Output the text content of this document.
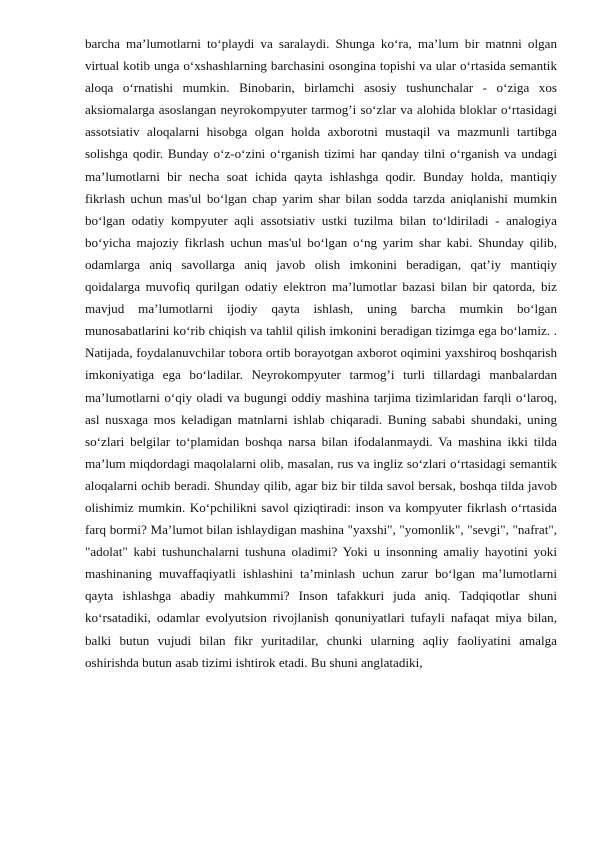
barcha ma’lumotlarni to‘playdi va saralaydi. Shunga ko‘ra, ma’lum bir matnni olgan virtual kotib unga o‘xshashlarning barchasini osongina topishi va ular o‘rtasida semantik aloqa o‘rnatishi mumkin. Binobarin, birlamchi asosiy tushunchalar - o‘ziga xos aksiomalarga asoslangan neyrokompyuter tarmog’i so‘zlar va alohida bloklar o‘rtasidagi assotsiativ aloqalarni hisobga olgan holda axborotni mustaqil va mazmunli tartibga solishga qodir. Bunday o‘z-o‘zini o‘rganish tizimi har qanday tilni o‘rganish va undagi ma’lumotlarni bir necha soat ichida qayta ishlashga qodir. Bunday holda, mantiqiy fikrlash uchun mas'ul bo‘lgan chap yarim shar bilan sodda tarzda aniqlanishi mumkin bo‘lgan odatiy kompyuter aqli assotsiativ ustki tuzilma bilan to‘ldiriladi - analogiya bo‘yicha majoziy fikrlash uchun mas'ul bo‘lgan o‘ng yarim shar kabi. Shunday qilib, odamlarga aniq savollarga aniq javob olish imkonini beradigan, qat’iy mantiqiy qoidalarga muvofiq qurilgan odatiy elektron ma’lumotlar bazasi bilan bir qatorda, biz mavjud ma’lumotlarni ijodiy qayta ishlash, uning barcha mumkin bo‘lgan munosabatlarini ko‘rib chiqish va tahlil qilish imkonini beradigan tizimga ega bo‘lamiz. . Natijada, foydalanuvchilar tobora ortib borayotgan axborot oqimini yaxshiroq boshqarish imkoniyatiga ega bo‘ladilar. Neyrokompyuter tarmog’i turli tillardagi manbalardan ma’lumotlarni o‘qiy oladi va bugungi oddiy mashina tarjima tizimlaridan farqli o‘laroq, asl nusxaga mos keladigan matnlarni ishlab chiqaradi. Buning sababi shundaki, uning so‘zlari belgilar to‘plamidan boshqa narsa bilan ifodalanmaydi. Va mashina ikki tilda ma’lum miqdordagi maqolalarni olib, masalan, rus va ingliz so‘zlari o‘rtasidagi semantik aloqalarni ochib beradi. Shunday qilib, agar biz bir tilda savol bersak, boshqa tilda javob olishimiz mumkin. Ko‘pchilikni savol qiziqtiradi: inson va kompyuter fikrlash o‘rtasida farq bormi? Ma’lumot bilan ishlaydigan mashina "yaxshi", "yomonlik", "sevgi", "nafrat", "adolat" kabi tushunchalarni tushuna oladimi? Yoki u insonning amaliy hayotini yoki mashinaning muvaffaqiyatli ishlashini ta’minlash uchun zarur bo‘lgan ma’lumotlarni qayta ishlashga abadiy mahkummi? Inson tafakkuri juda aniq. Tadqiqotlar shuni ko‘rsatadiki, odamlar evolyutsion rivojlanish qonuniyatlari tufayli nafaqat miya bilan, balki butun vujudi bilan fikr yuritadilar, chunki ularning aqliy faoliyatini amalga oshirishda butun asab tizimi ishtirok etadi. Bu shuni anglatadiki,
